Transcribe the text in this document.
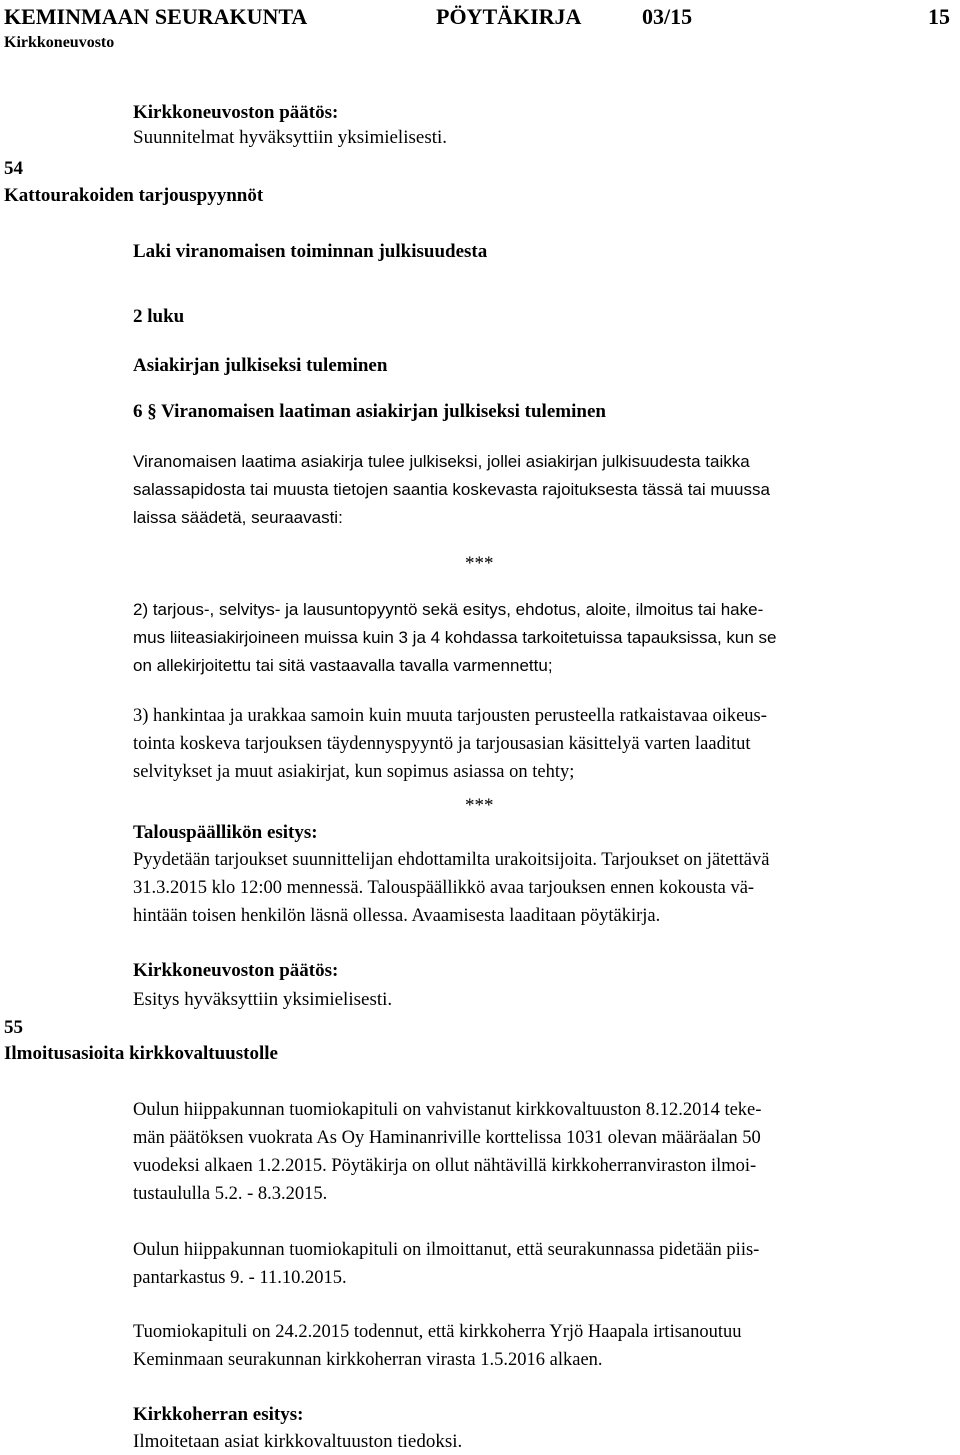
KEMINMAAN SEURAKUNTA	PÖYTÄKIRJA	03/15	15
Kirkkoneuvosto
Kirkkoneuvoston päätös:
Suunnitelmat hyväksyttiin yksimielisesti.
54
Kattourakoiden tarjouspyynnöt
Laki viranomaisen toiminnan julkisuudesta
2 luku
Asiakirjan julkiseksi tuleminen
6 § Viranomaisen laatiman asiakirjan julkiseksi tuleminen
Viranomaisen laatima asiakirja tulee julkiseksi, jollei asiakirjan julkisuudesta taikka
salassapidosta tai muusta tietojen saantia koskevasta rajoituksesta tässä tai muussa
laissa säädetä, seuraavasti:
***
2) tarjous-, selvitys- ja lausuntopyyntö sekä esitys, ehdotus, aloite, ilmoitus tai hake-
mus liiteasiakirjoineen muissa kuin 3 ja 4 kohdassa tarkoitetuissa tapauksissa, kun se
on allekirjoitettu tai sitä vastaavalla tavalla varmennettu;
3) hankintaa ja urakkaa samoin kuin muuta tarjousten perusteella ratkaistavaa oikeus-
tointa koskeva tarjouksen täydennyspyyntö ja tarjousasian käsittelyä varten laaditut
selvitykset ja muut asiakirjat, kun sopimus asiassa on tehty;
***
Talouspäällikön esitys:
Pyydetään tarjoukset suunnittelijan ehdottamilta urakoitsijoita. Tarjoukset on jätettävä
31.3.2015 klo 12:00 mennessä. Talouspäällikkö avaa tarjouksen ennen kokousta vä-
hintään toisen henkilön läsnä ollessa. Avaamisesta laaditaan pöytäkirja.
Kirkkoneuvoston päätös:
Esitys hyväksyttiin yksimielisesti.
55
Ilmoitusasioita kirkkovaltuustolle
Oulun hiippakunnan tuomiokapituli on vahvistanut kirkkovaltuuston 8.12.2014 teke-
män päätöksen vuokrata As Oy Haminanriville korttelissa 1031 olevan määräalan 50
vuodeksi alkaen 1.2.2015. Pöytäkirja on ollut nähtävillä kirkkoherranviraston ilmoi-
tustaululla 5.2. - 8.3.2015.
Oulun hiippakunnan tuomiokapituli on ilmoittanut, että seurakunnassa pidetään piis-
pantarkastus 9. - 11.10.2015.
Tuomiokapituli on 24.2.2015 todennut, että kirkkoherra Yrjö Haapala irtisanoutuu
Keminmaan seurakunnan kirkkoherran virasta 1.5.2016 alkaen.
Kirkkoherran esitys:
Ilmoitetaan asiat kirkkovaltuuston tiedoksi.
